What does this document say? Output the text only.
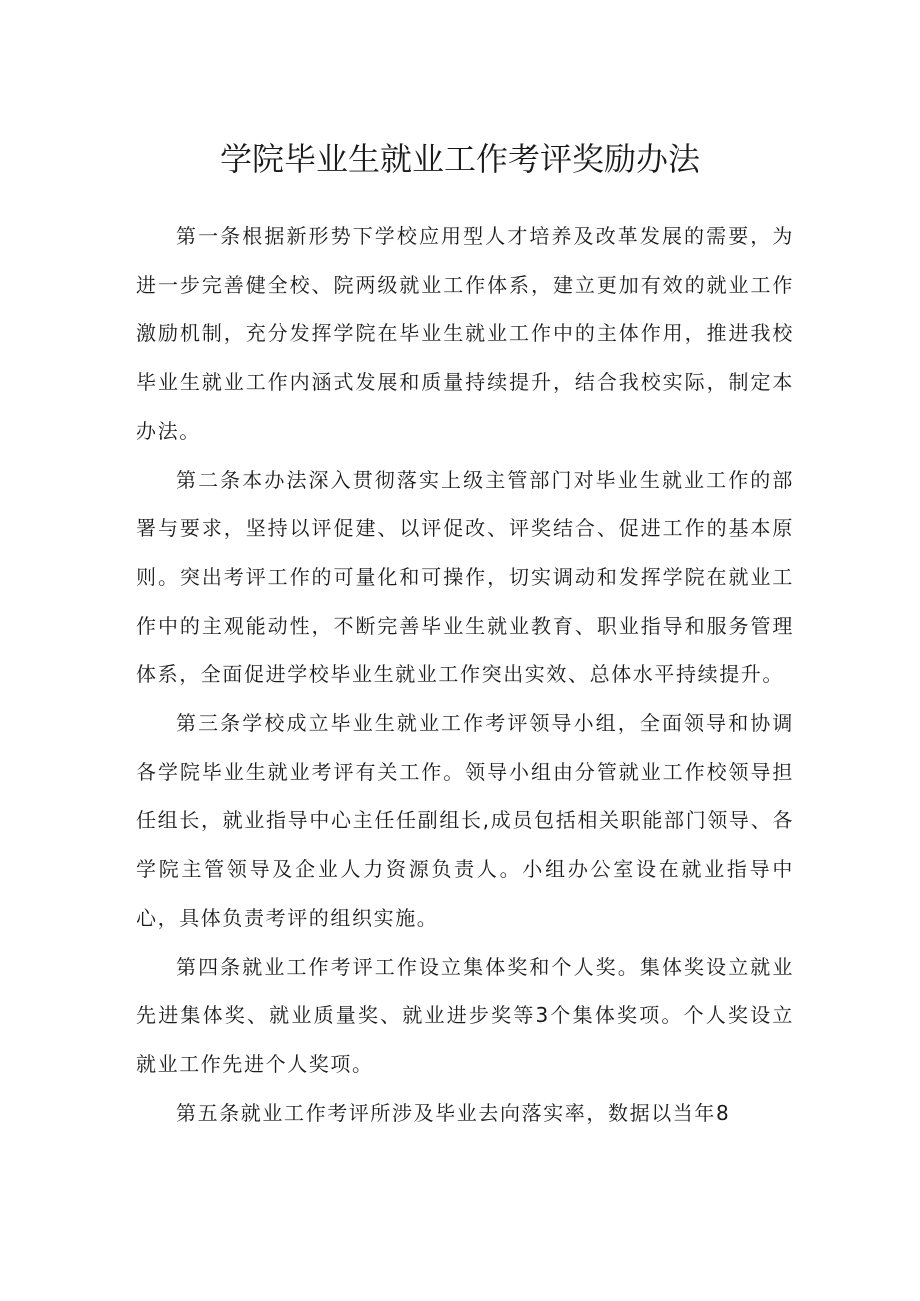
学院毕业生就业工作考评奖励办法

第一条根据新形势下学校应用型人才培养及改革发展的需要，为进一步完善健全校、院两级就业工作体系，建立更加有效的就业工作激励机制，充分发挥学院在毕业生就业工作中的主体作用，推进我校毕业生就业工作内涵式发展和质量持续提升，结合我校实际，制定本办法。

第二条本办法深入贯彻落实上级主管部门对毕业生就业工作的部署与要求，坚持以评促建、以评促改、评奖结合、促进工作的基本原则。突出考评工作的可量化和可操作，切实调动和发挥学院在就业工作中的主观能动性，不断完善毕业生就业教育、职业指导和服务管理体系，全面促进学校毕业生就业工作突出实效、总体水平持续提升。

第三条学校成立毕业生就业工作考评领导小组，全面领导和协调各学院毕业生就业考评有关工作。领导小组由分管就业工作校领导担任组长，就业指导中心主任任副组长,成员包括相关职能部门领导、各学院主管领导及企业人力资源负责人。小组办公室设在就业指导中心，具体负责考评的组织实施。

第四条就业工作考评工作设立集体奖和个人奖。集体奖设立就业先进集体奖、就业质量奖、就业进步奖等3个集体奖项。个人奖设立就业工作先进个人奖项。

第五条就业工作考评所涉及毕业去向落实率，数据以当年8
